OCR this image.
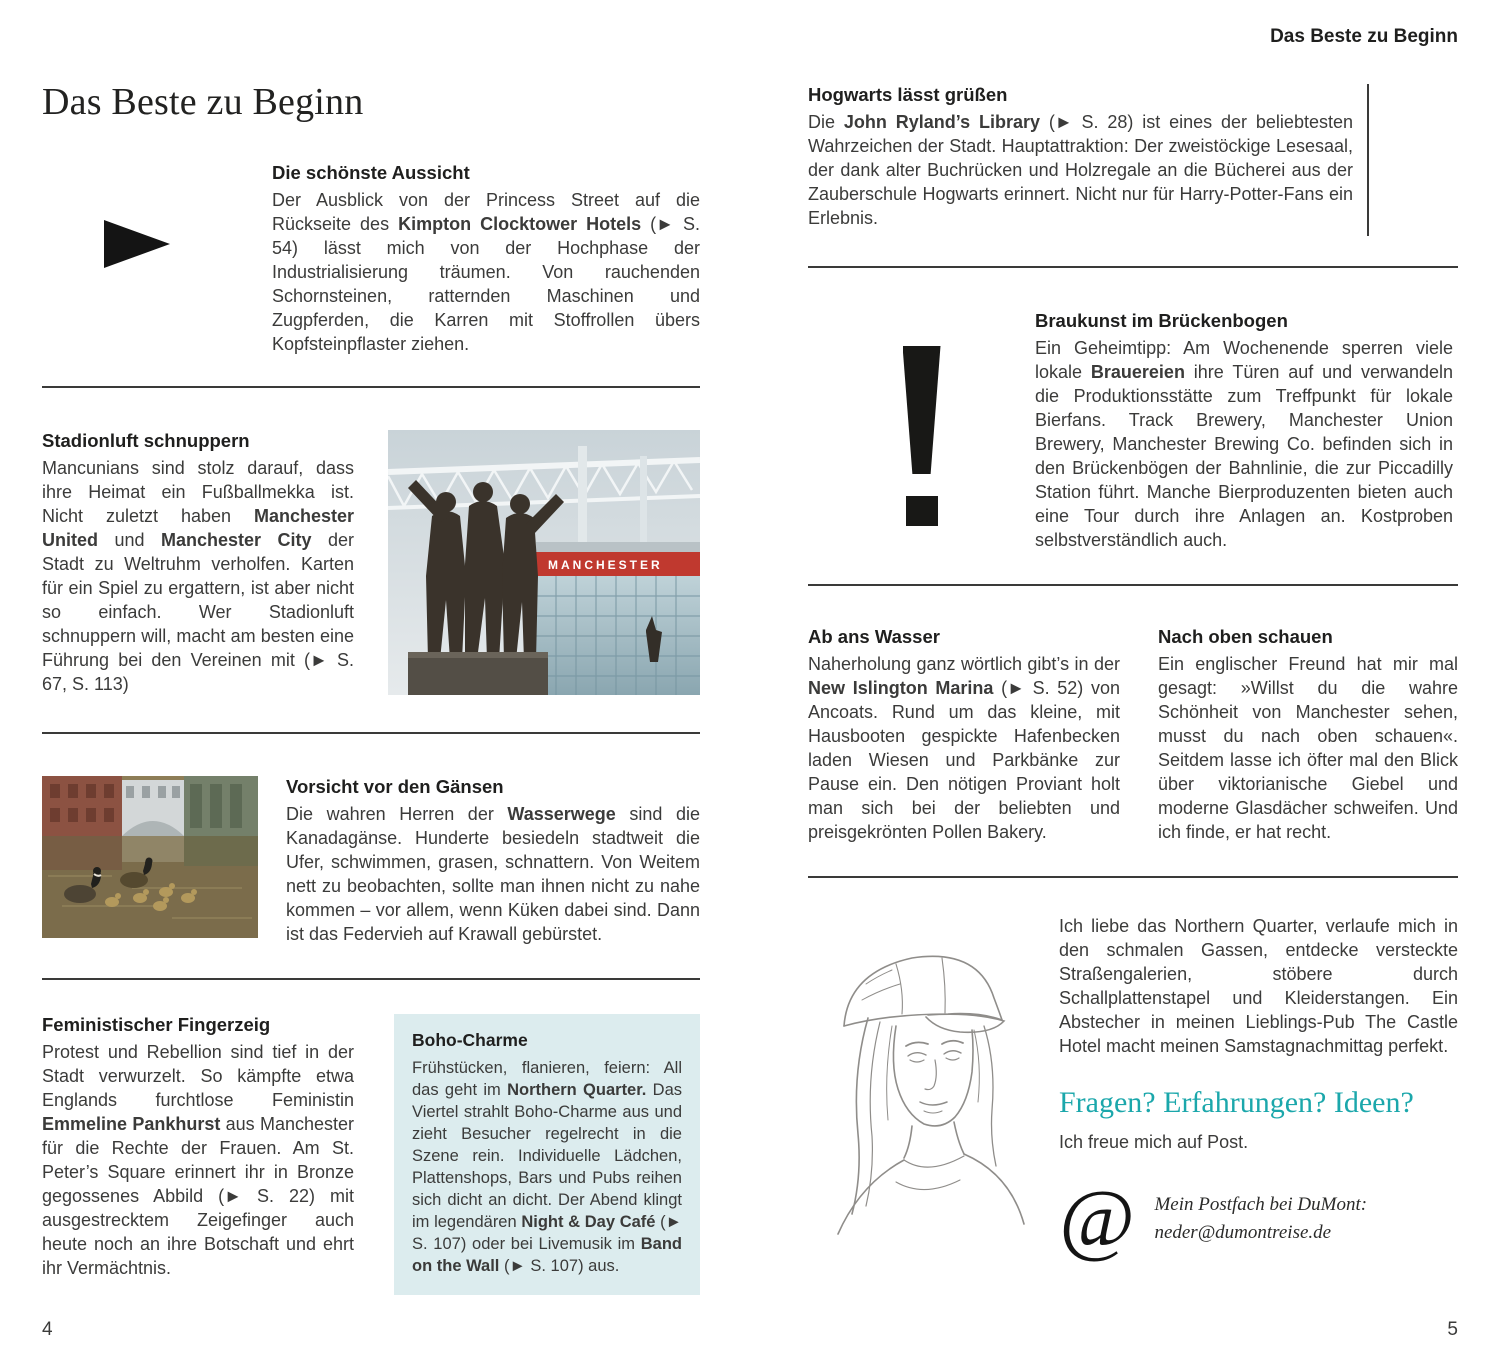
Das Beste zu Beginn
Die schönste Aussicht

Der Ausblick von der Princess Street auf die Rückseite des Kimpton Clocktower Hotels (► S. 54) lässt mich von der Hochphase der Industrialisierung träumen. Von rauchenden Schornsteinen, ratternden Maschinen und Zugpferden, die Karren mit Stoffrollen übers Kopfsteinpflaster ziehen.

Stadionluft schnuppern

Mancunians sind stolz darauf, dass ihre Heimat ein Fußballmekka ist. Nicht zuletzt haben Manchester United und Manchester City der Stadt zu Weltruhm verholfen. Karten für ein Spiel zu ergattern, ist aber nicht so einfach. Wer Stadionluft schnuppern will, macht am besten eine Führung bei den Vereinen mit (► S. 67, S. 113)

MANCHESTER
Vorsicht vor den Gänsen

Die wahren Herren der Wasserwege sind die Kanadagänse. Hunderte besiedeln stadtweit die Ufer, schwimmen, grasen, schnattern. Von Weitem nett zu beobachten, sollte man ihnen nicht zu nahe kommen – vor allem, wenn Küken dabei sind. Dann ist das Federvieh auf Krawall gebürstet.

Feministischer Fingerzeig

Protest und Rebellion sind tief in der Stadt verwurzelt. So kämpfte etwa Englands furchtlose Feministin Emmeline Pankhurst aus Manchester für die Rechte der Frauen. Am St. Peter’s Square erinnert ihr in Bronze gegossenes Abbild (► S. 22) mit ausgestrecktem Zeigefinger auch heute noch an ihre Botschaft und ehrt ihr Vermächtnis.

Boho-Charme

Frühstücken, flanieren, feiern: All das geht im Northern Quarter. Das Viertel strahlt Boho-Charme aus und zieht Besucher regelrecht in die Szene rein. Individuelle Lädchen, Plattenshops, Bars und Pubs reihen sich dicht an dicht. Der Abend klingt im legendären Night & Day Café (► S. 107) oder bei Livemusik im Band on the Wall (► S. 107) aus.

4
Das Beste zu Beginn
Hogwarts lässt grüßen

Die John Ryland’s Library (► S. 28) ist eines der beliebtesten Wahrzeichen der Stadt. Hauptattraktion: Der zweistöckige Lesesaal, der dank alter Buchrücken und Holzregale an die Bücherei aus der Zauberschule Hogwarts erinnert. Nicht nur für Harry-Potter-Fans ein Erlebnis.

Braukunst im Brückenbogen

Ein Geheimtipp: Am Wochenende sperren viele lokale Brauereien ihre Türen auf und verwandeln die Produktionsstätte zum Treffpunkt für lokale Bierfans. Track Brewery, Manchester Union Brewery, Manchester Brewing Co. befinden sich in den Brückenbögen der Bahnlinie, die zur Piccadilly Station führt. Manche Bierproduzenten bieten auch eine Tour durch ihre Anlagen an. Kostproben selbstverständlich auch.

Ab ans Wasser

Naherholung ganz wörtlich gibt’s in der New Islington Marina (► S. 52) von Ancoats. Rund um das kleine, mit Hausbooten gespickte Hafenbecken laden Wiesen und Parkbänke zur Pause ein. Den nötigen Proviant holt man sich bei der beliebten und preisgekrönten Pollen Bakery.

Nach oben schauen

Ein englischer Freund hat mir mal gesagt: »Willst du die wahre Schönheit von Manchester sehen, musst du nach oben schauen«. Seitdem lasse ich öfter mal den Blick über viktorianische Giebel und moderne Glasdächer schweifen. Und ich finde, er hat recht.

Ich liebe das Northern Quarter, verlaufe mich in den schmalen Gassen, entdecke versteckte Straßengalerien, stöbere durch Schallplattenstapel und Kleiderstangen. Ein Abstecher in meinen Lieblings-Pub The Castle Hotel macht meinen Samstagnachmittag perfekt.

Fragen? Erfahrungen? Ideen?

Ich freue mich auf Post.

@ Mein Postfach bei DuMont:
neder@dumontreise.de
5
